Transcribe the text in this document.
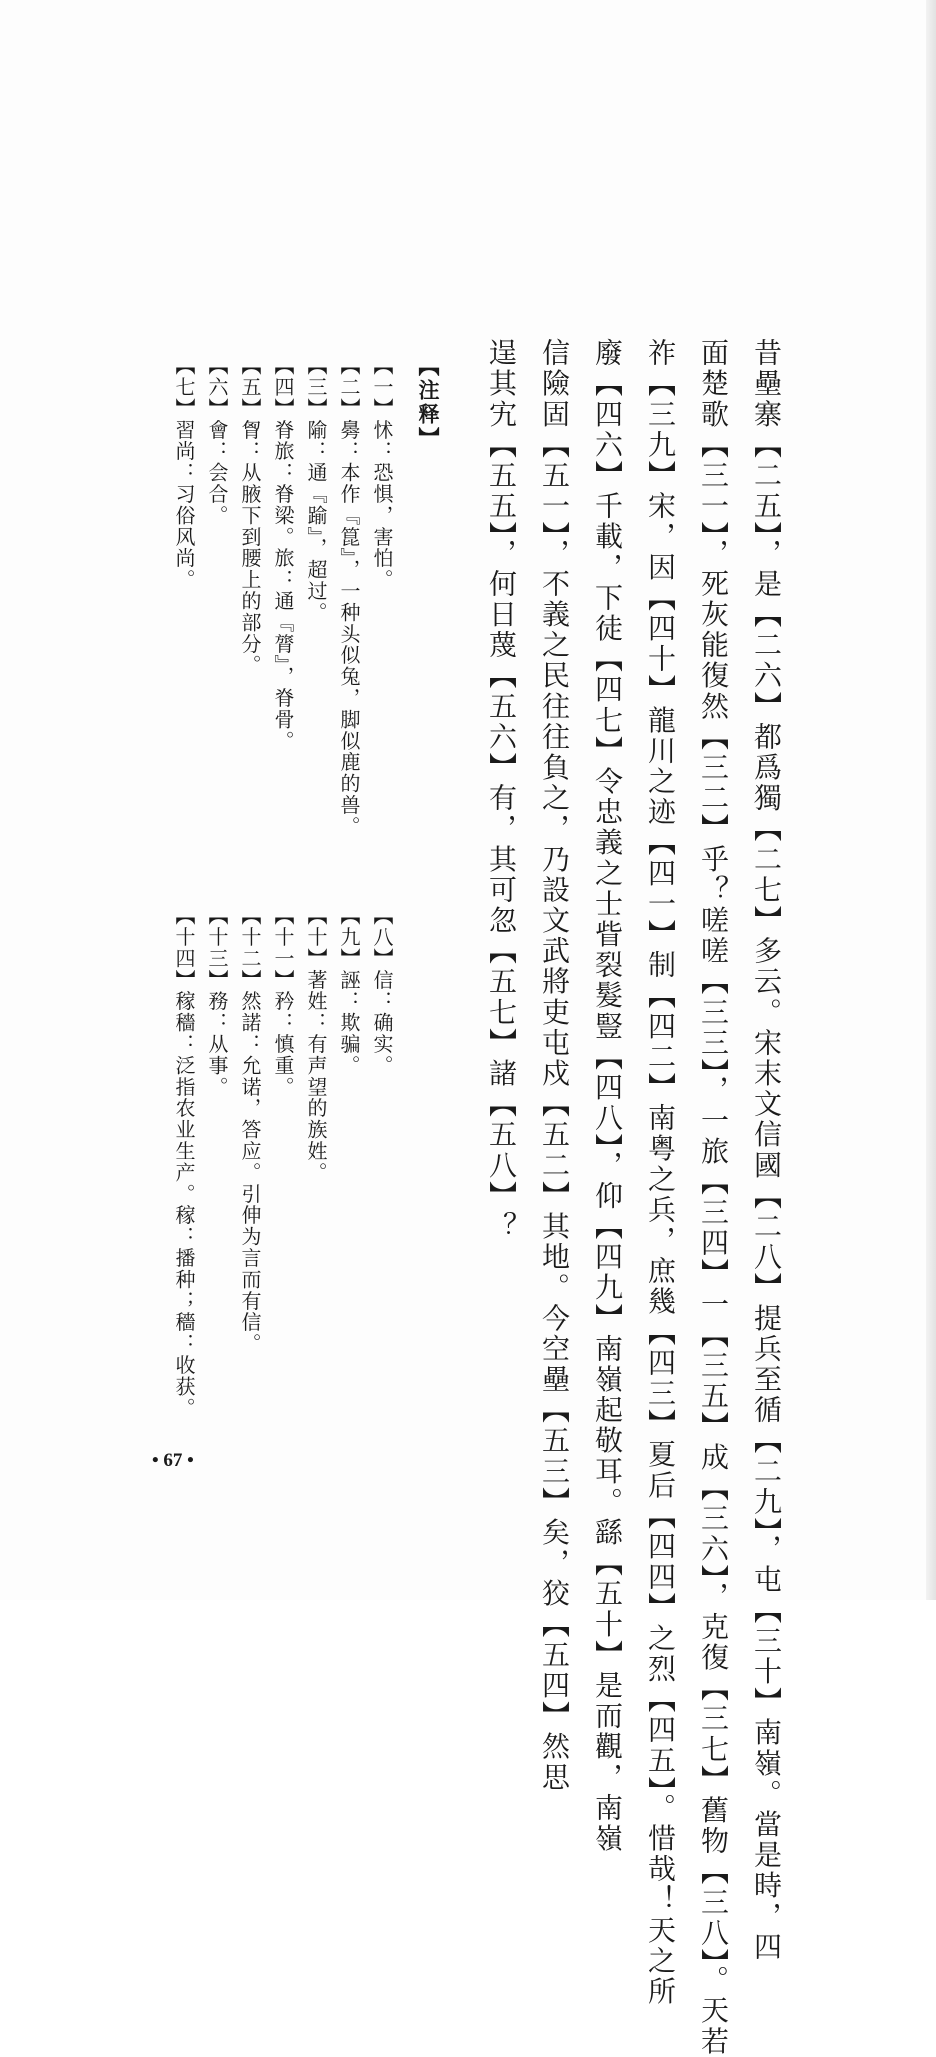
昔壘寨【二五】，是【二六】都爲獨【二七】多云。宋末文信國【二八】提兵至循【二九】，屯【三十】南嶺。當是時，四
面楚歌【三一】，死灰能復然【三二】乎？嗟嗟【三三】，一旅【三四】一【三五】成【三六】，克復【三七】舊物【三八】。天若
祚【三九】宋，因【四十】龍川之迹【四一】制【四二】南粤之兵，庶幾【四三】夏后【四四】之烈【四五】。惜哉！天之所
廢【四六】千載，下徒【四七】令忠義之士眥裂髮豎【四八】，仰【四九】南嶺起敬耳。繇【五十】是而觀，南嶺
信險固【五一】，不義之民往往負之，乃設文武將吏屯戍【五二】其地。今空壘【五三】矣，狡【五四】然思
逞其宄【五五】，何日蔑【五六】有，其可忽【五七】諸【五八】？
【注释】
【一】怵：恐惧，害怕。
【二】臱：本作『箟』，一种头似兔，脚似鹿的兽。
【三】隃：通『踰』，超过。
【四】脊旅：脊梁。旅：通『膂』，脊骨。
【五】胷：从腋下到腰上的部分。
【六】會：会合。
【七】習尚：习俗风尚。
【八】信：确实。
【九】誣：欺骗。
【十】著姓：有声望的族姓。
【十一】矜：慎重。
【十二】然諾：允诺，答应。引伸为言而有信。
【十三】務：从事。
【十四】稼穡：泛指农业生产。稼：播种；穡：收获。
• 67 •
